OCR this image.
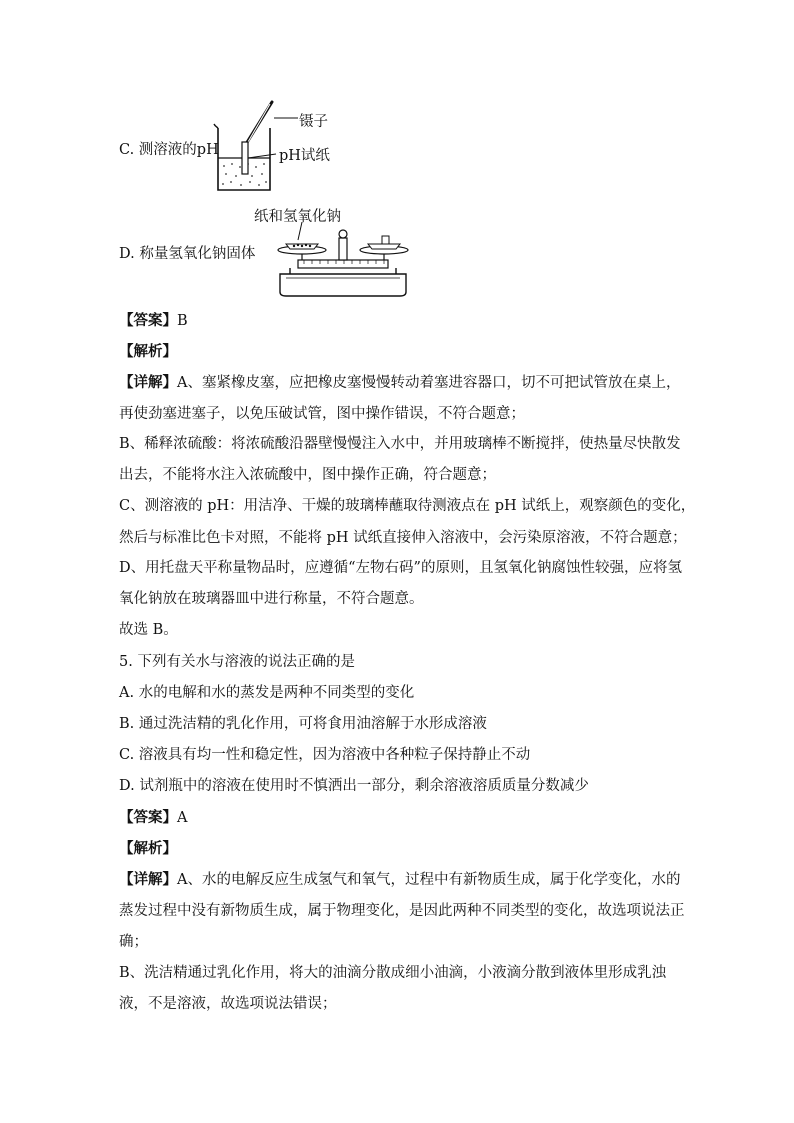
C. 测溶液的pH
镊子
pH试纸
纸和氢氧化钠
D. 称量氢氧化钠固体
【答案】B
【解析】
【详解】A、塞紧橡皮塞，应把橡皮塞慢慢转动着塞进容器口，切不可把试管放在桌上，
再使劲塞进塞子，以免压破试管，图中操作错误，不符合题意；
B、稀释浓硫酸：将浓硫酸沿器壁慢慢注入水中，并用玻璃棒不断搅拌，使热量尽快散发
出去，不能将水注入浓硫酸中，图中操作正确，符合题意；
C、测溶液的 pH：用洁净、干燥的玻璃棒蘸取待测液点在 pH 试纸上，观察颜色的变化，
然后与标准比色卡对照，不能将 pH 试纸直接伸入溶液中，会污染原溶液，不符合题意；
D、用托盘天平称量物品时，应遵循“左物右码”的原则，且氢氧化钠腐蚀性较强，应将氢
氧化钠放在玻璃器皿中进行称量，不符合题意。
故选 B。
5. 下列有关水与溶液的说法正确的是
A. 水的电解和水的蒸发是两种不同类型的变化
B. 通过洗洁精的乳化作用，可将食用油溶解于水形成溶液
C. 溶液具有均一性和稳定性，因为溶液中各种粒子保持静止不动
D. 试剂瓶中的溶液在使用时不慎洒出一部分，剩余溶液溶质质量分数减少
【答案】A
【解析】
【详解】A、水的电解反应生成氢气和氧气，过程中有新物质生成，属于化学变化，水的
蒸发过程中没有新物质生成，属于物理变化，是因此两种不同类型的变化，故选项说法正
确；
B、洗洁精通过乳化作用，将大的油滴分散成细小油滴，小液滴分散到液体里形成乳浊
液，不是溶液，故选项说法错误；
